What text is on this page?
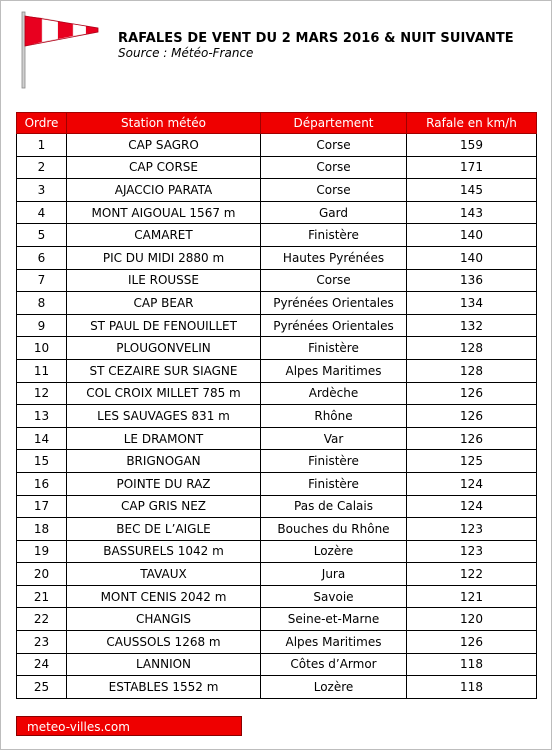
RAFALES DE VENT DU 2 MARS 2016 & NUIT SUIVANTE
Source : Météo-France
Ordre	Station météo	Département	Rafale en km/h
1	CAP SAGRO	Corse	159
2	CAP CORSE	Corse	171
3	AJACCIO PARATA	Corse	145
4	MONT AIGOUAL 1567 m	Gard	143
5	CAMARET	Finistère	140
6	PIC DU MIDI 2880 m	Hautes Pyrénées	140
7	ILE ROUSSE	Corse	136
8	CAP BEAR	Pyrénées Orientales	134
9	ST PAUL DE FENOUILLET	Pyrénées Orientales	132
10	PLOUGONVELIN	Finistère	128
11	ST CEZAIRE SUR SIAGNE	Alpes Maritimes	128
12	COL CROIX MILLET 785 m	Ardèche	126
13	LES SAUVAGES 831 m	Rhône	126
14	LE DRAMONT	Var	126
15	BRIGNOGAN	Finistère	125
16	POINTE DU RAZ	Finistère	124
17	CAP GRIS NEZ	Pas de Calais	124
18	BEC DE L’AIGLE	Bouches du Rhône	123
19	BASSURELS 1042 m	Lozère	123
20	TAVAUX	Jura	122
21	MONT CENIS 2042 m	Savoie	121
22	CHANGIS	Seine-et-Marne	120
23	CAUSSOLS 1268 m	Alpes Maritimes	126
24	LANNION	Côtes d’Armor	118
25	ESTABLES 1552 m	Lozère	118
meteo-villes.com
